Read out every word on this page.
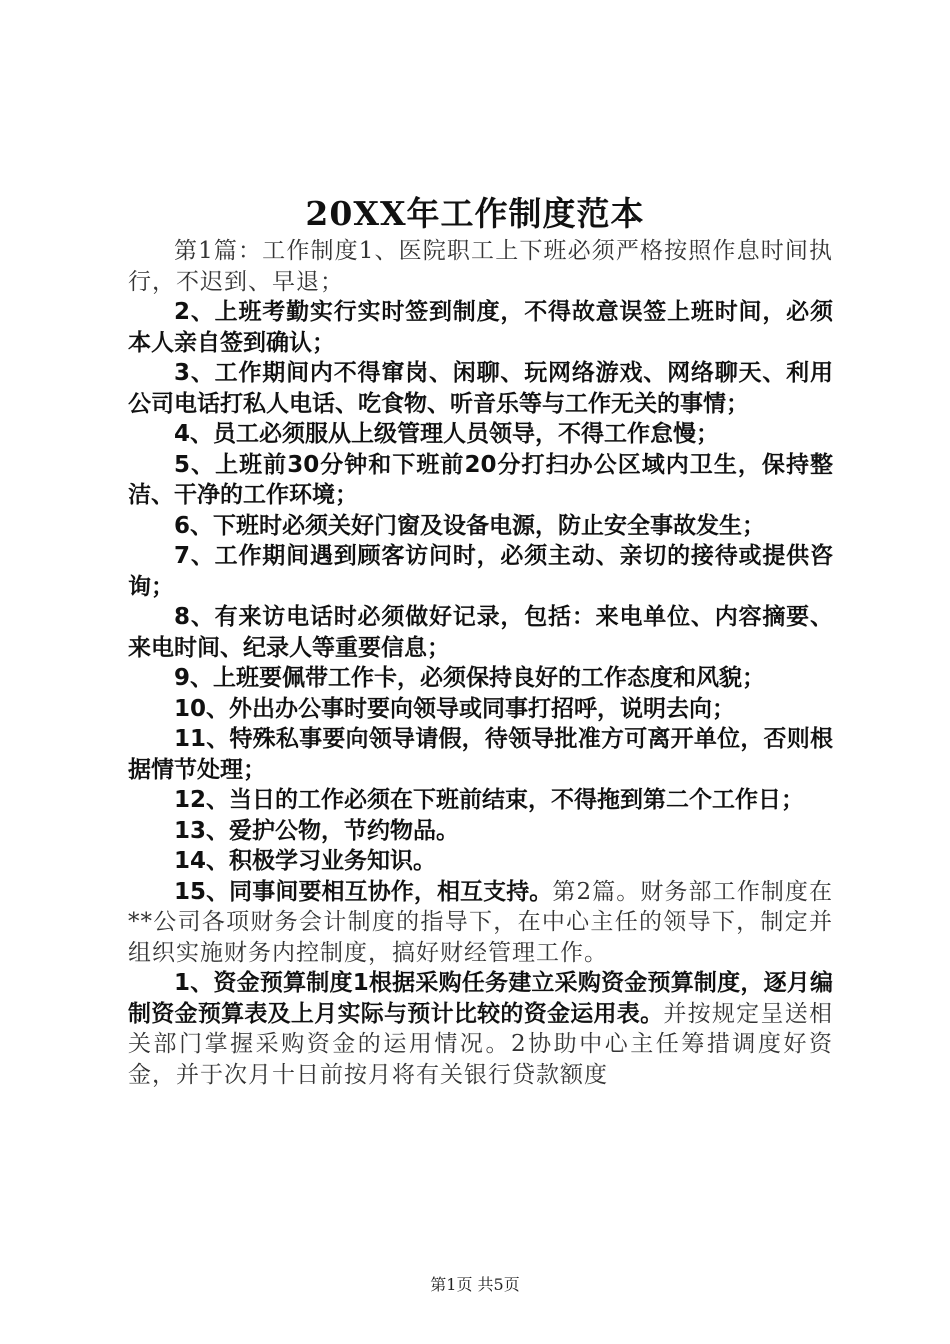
20XX年工作制度范本

第1篇：工作制度1、医院职工上下班必须严格按照作息时间执行，不迟到、早退；

2、上班考勤实行实时签到制度，不得故意误签上班时间，必须本人亲自签到确认；

3、工作期间内不得窜岗、闲聊、玩网络游戏、网络聊天、利用公司电话打私人电话、吃食物、听音乐等与工作无关的事情；

4、员工必须服从上级管理人员领导，不得工作怠慢；

5、上班前30分钟和下班前20分打扫办公区域内卫生，保持整洁、干净的工作环境；

6、下班时必须关好门窗及设备电源，防止安全事故发生；

7、工作期间遇到顾客访问时，必须主动、亲切的接待或提供咨询；

8、有来访电话时必须做好记录，包括：来电单位、内容摘要、来电时间、纪录人等重要信息；

9、上班要佩带工作卡，必须保持良好的工作态度和风貌；

10、外出办公事时要向领导或同事打招呼，说明去向；

11、特殊私事要向领导请假，待领导批准方可离开单位，否则根据情节处理；

12、当日的工作必须在下班前结束，不得拖到第二个工作日；

13、爱护公物，节约物品。

14、积极学习业务知识。

15、同事间要相互协作，相互支持。第2篇。财务部工作制度在**公司各项财务会计制度的指导下，在中心主任的领导下，制定并组织实施财务内控制度，搞好财经管理工作。

1、资金预算制度1根据采购任务建立采购资金预算制度，逐月编制资金预算表及上月实际与预计比较的资金运用表。并按规定呈送相关部门掌握采购资金的运用情况。2协助中心主任筹措调度好资金，并于次月十日前按月将有关银行贷款额度

第1页 共5页
